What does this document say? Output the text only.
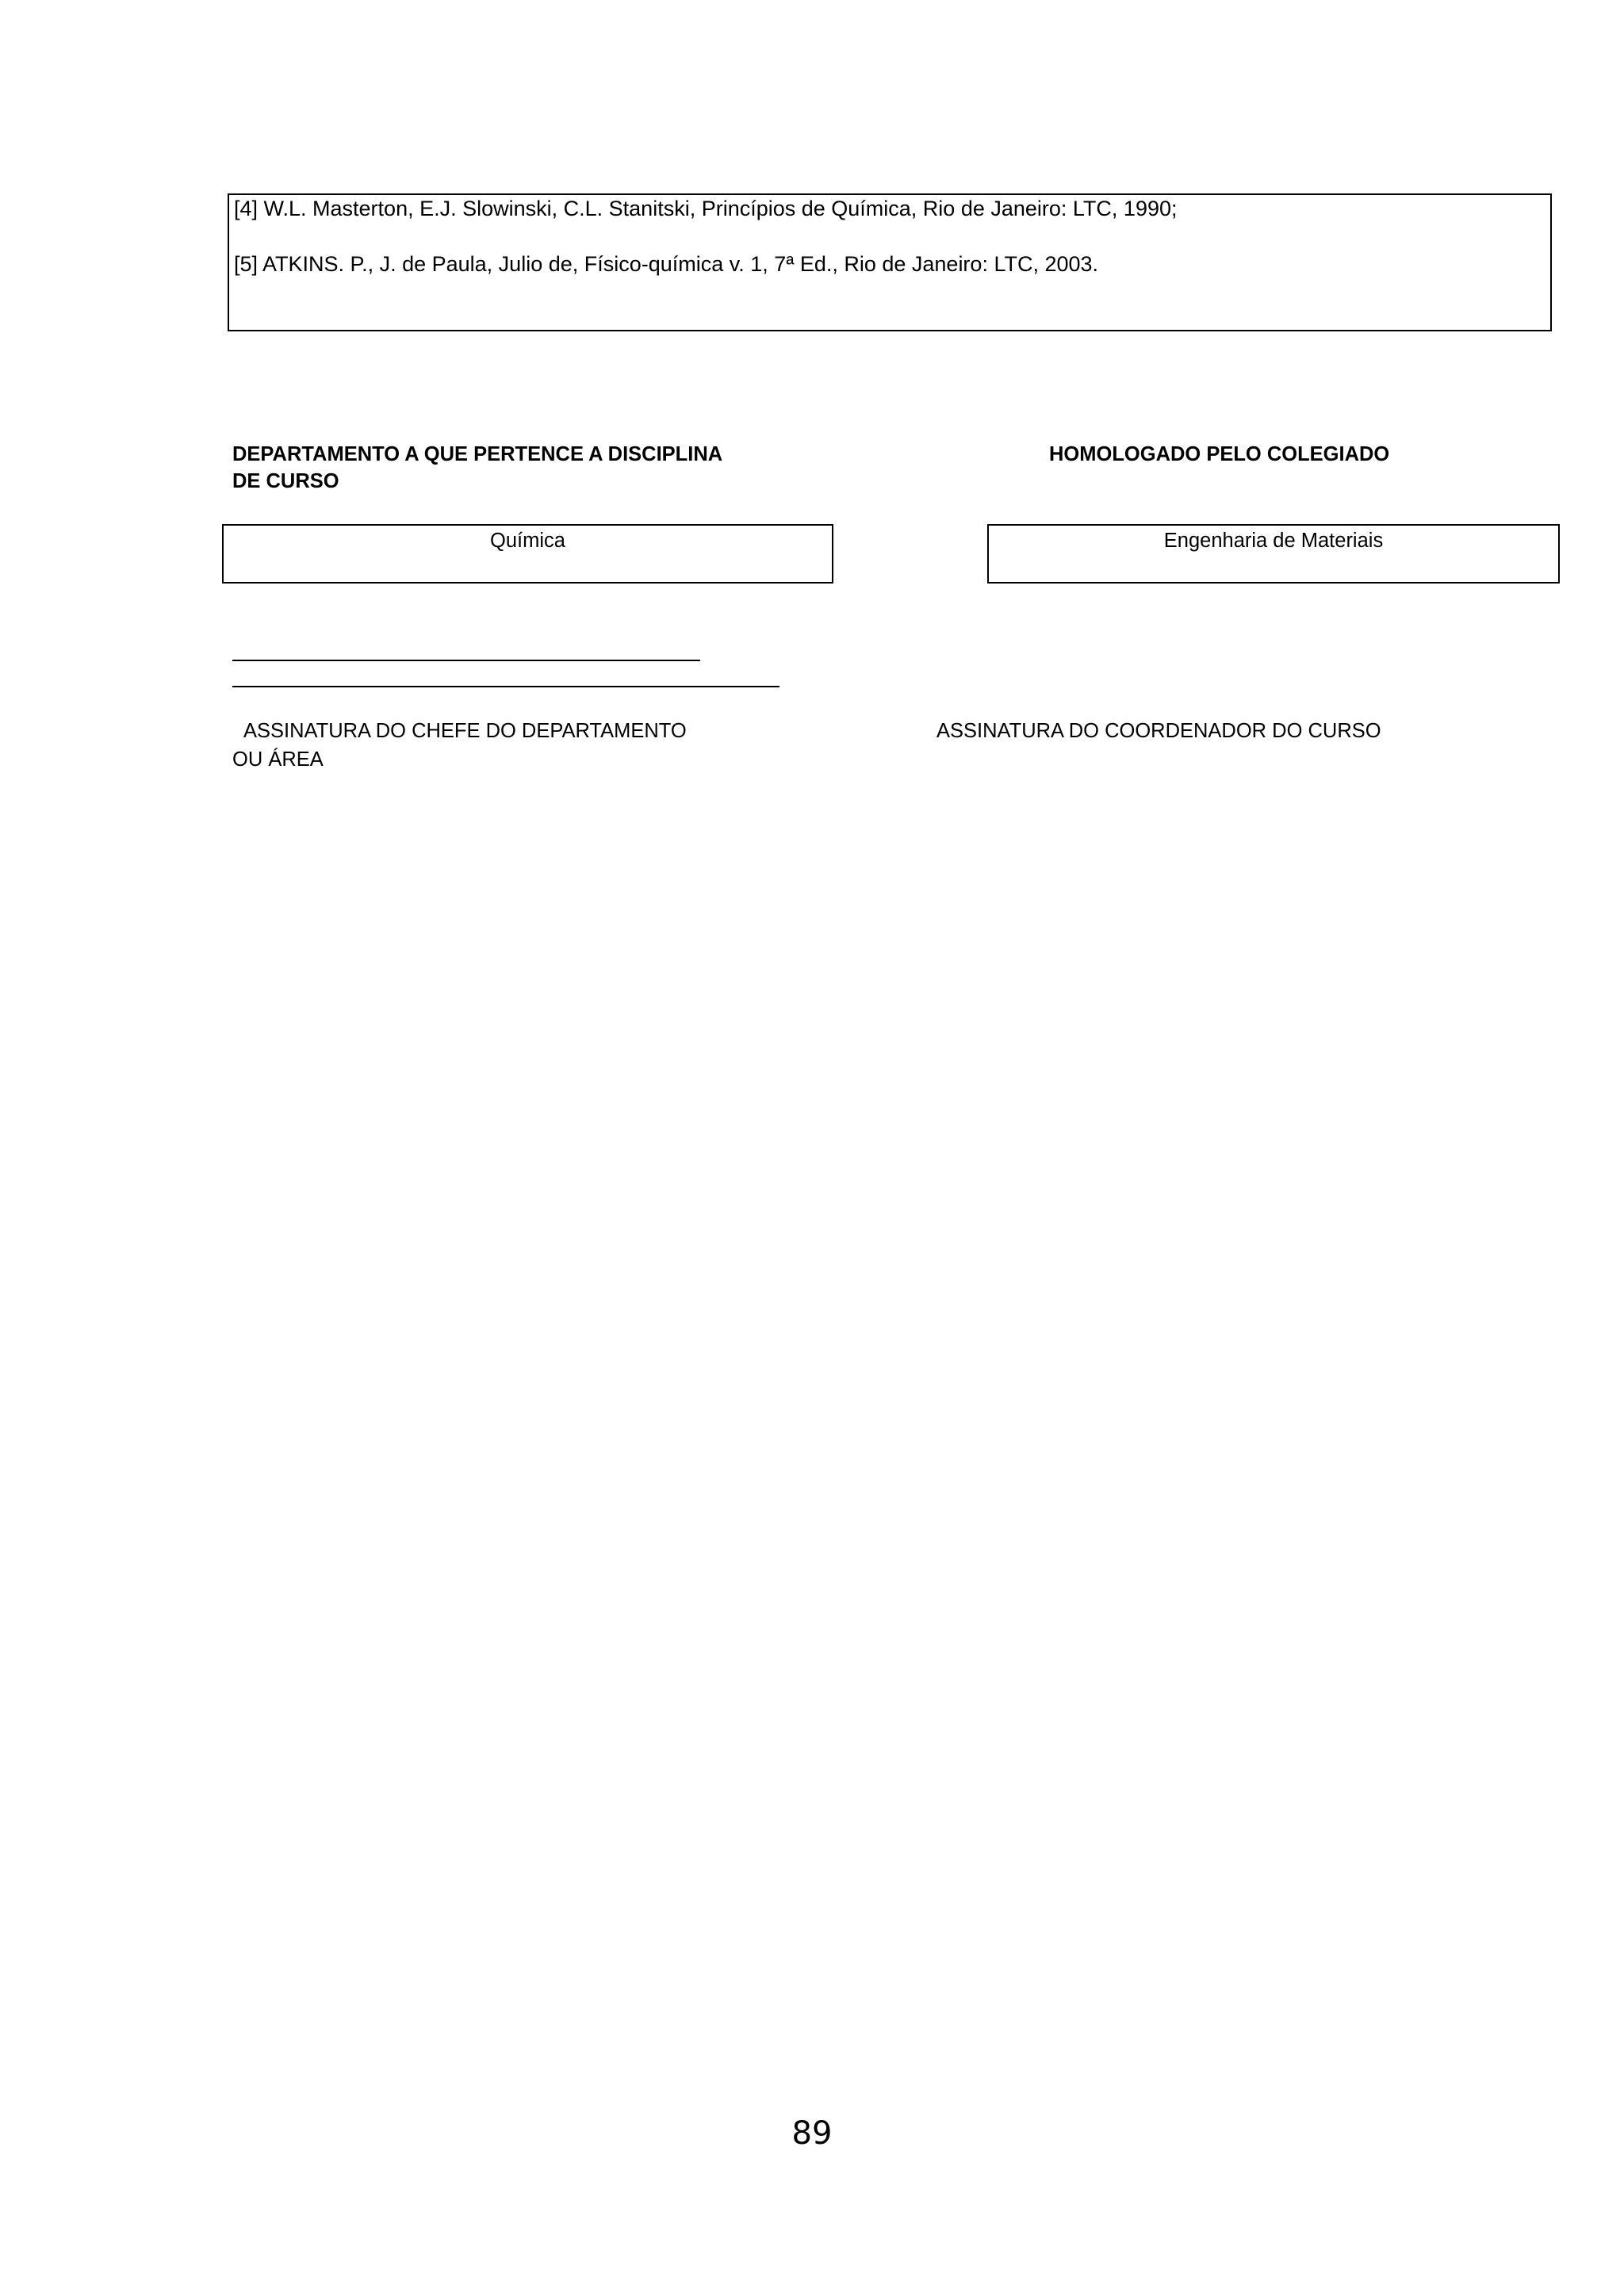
[4] W.L. Masterton, E.J. Slowinski, C.L. Stanitski, Princípios de Química, Rio de Janeiro: LTC, 1990;
[5] ATKINS. P., J. de Paula, Julio de, Físico-química v. 1, 7ª Ed., Rio de Janeiro: LTC, 2003.
DEPARTAMENTO A QUE PERTENCE A DISCIPLINA
DE CURSO
HOMOLOGADO PELO COLEGIADO
Química	Engenharia de Materiais
ASSINATURA DO CHEFE DO DEPARTAMENTO
OU ÁREA
ASSINATURA DO COORDENADOR DO CURSO
89
